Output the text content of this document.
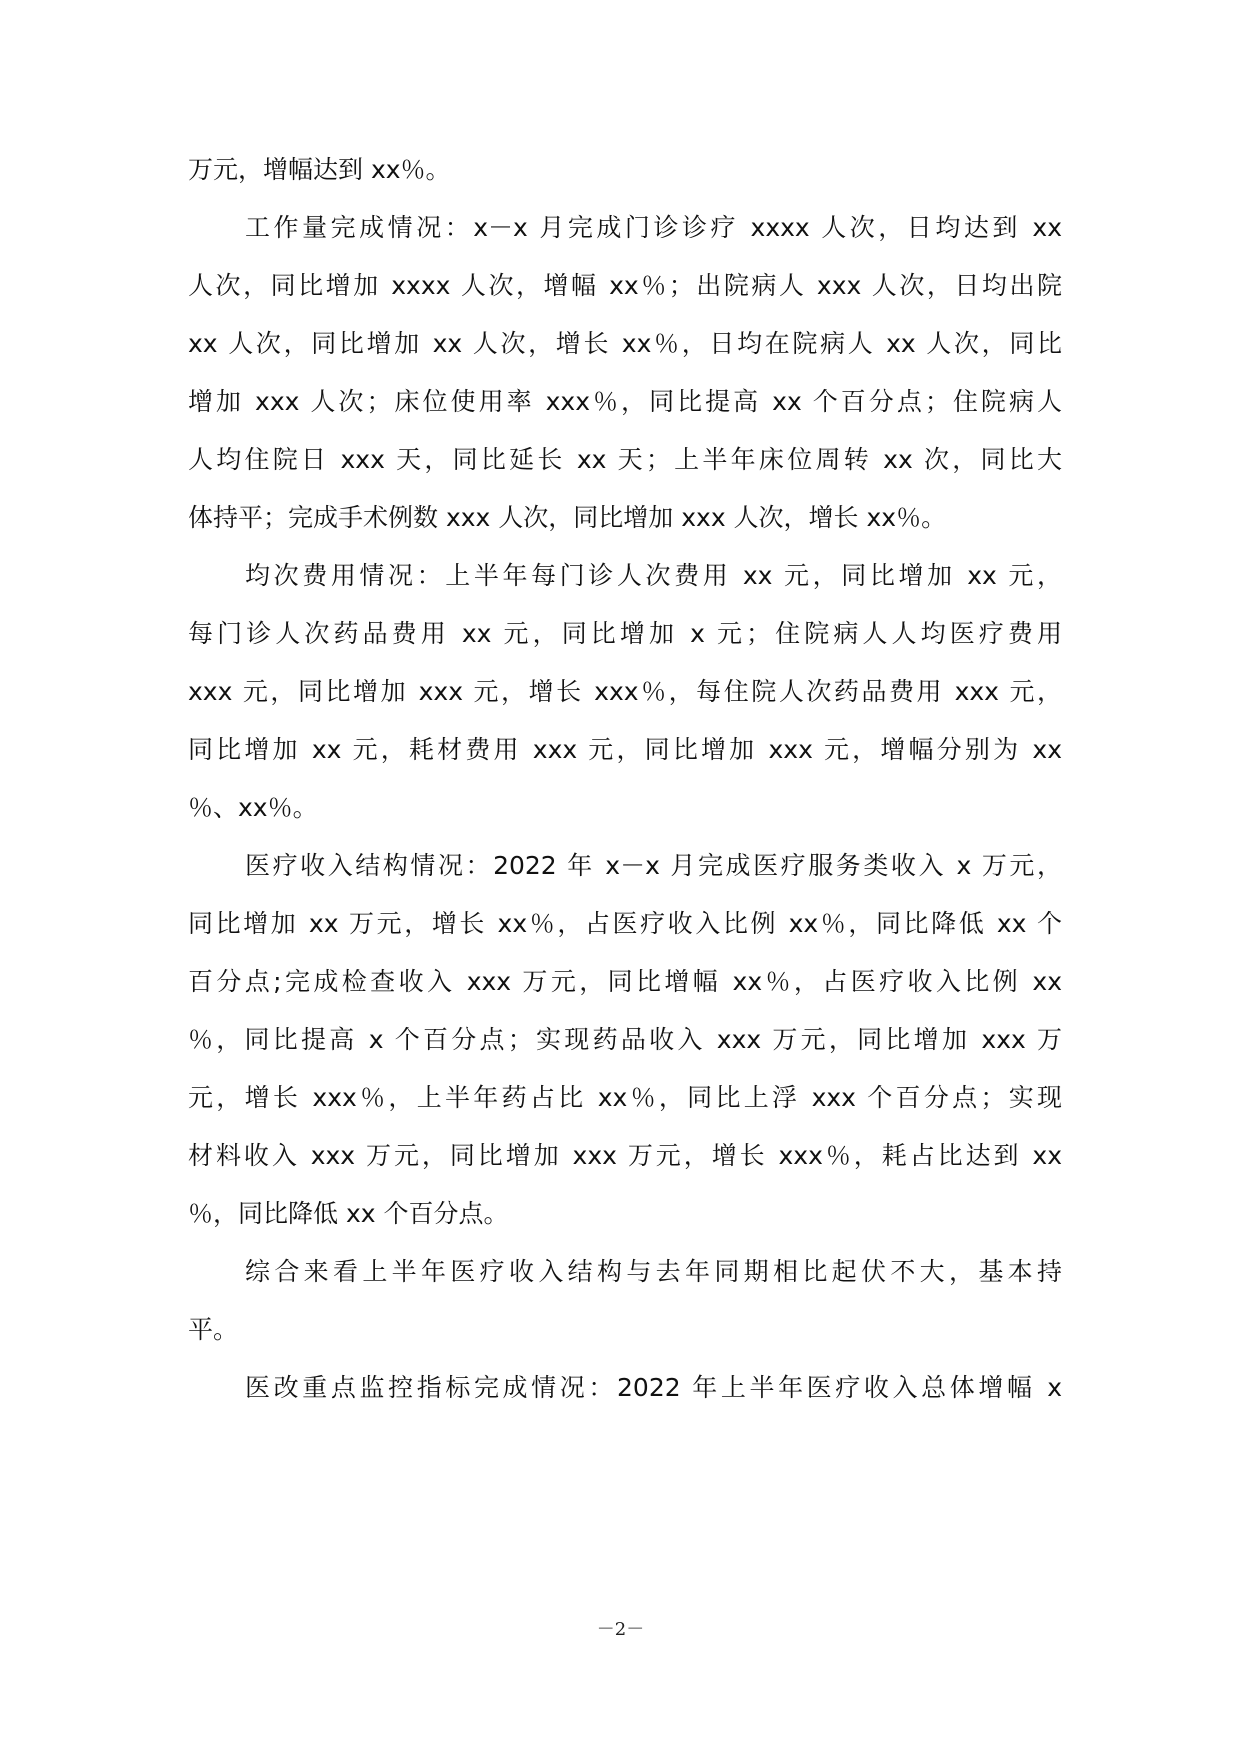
万元，增幅达到 xx％。
工作量完成情况：x－x 月完成门诊诊疗 xxxx 人次，日均达到 xx
人次，同比增加 xxxx 人次，增幅 xx％；出院病人 xxx 人次，日均出院
xx 人次，同比增加 xx 人次，增长 xx％，日均在院病人 xx 人次，同比
增加 xxx 人次；床位使用率 xxx％，同比提高 xx 个百分点；住院病人
人均住院日 xxx 天，同比延长 xx 天；上半年床位周转 xx 次，同比大
体持平；完成手术例数 xxx 人次，同比增加 xxx 人次，增长 xx％。
均次费用情况：上半年每门诊人次费用 xx 元，同比增加 xx 元，
每门诊人次药品费用 xx 元，同比增加 x 元；住院病人人均医疗费用
xxx 元，同比增加 xxx 元，增长 xxx％，每住院人次药品费用 xxx 元，
同比增加 xx 元，耗材费用 xxx 元，同比增加 xxx 元，增幅分别为 xx
％、xx％。
医疗收入结构情况：2022 年 x－x 月完成医疗服务类收入 x 万元，
同比增加 xx 万元，增长 xx％，占医疗收入比例 xx％，同比降低 xx 个
百分点;完成检查收入 xxx 万元，同比增幅 xx％，占医疗收入比例 xx
％，同比提高 x 个百分点；实现药品收入 xxx 万元，同比增加 xxx 万
元，增长 xxx％，上半年药占比 xx％，同比上浮 xxx 个百分点；实现
材料收入 xxx 万元，同比增加 xxx 万元，增长 xxx％，耗占比达到 xx
％，同比降低 xx 个百分点。
综合来看上半年医疗收入结构与去年同期相比起伏不大，基本持
平。
医改重点监控指标完成情况：2022 年上半年医疗收入总体增幅 x
－2－
